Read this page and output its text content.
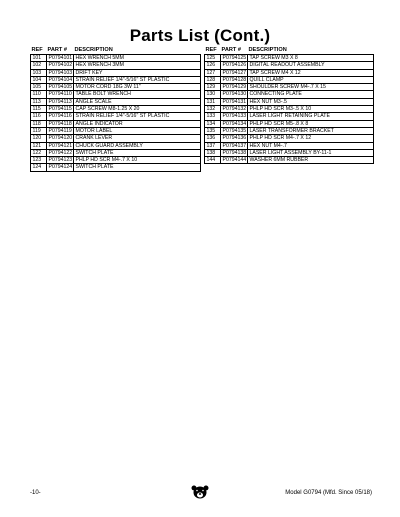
Parts List (Cont.)
REF	PART #	DESCRIPTION
101	P0794101	HEX WRENCH 5MM
102	P0794102	HEX WRENCH 3MM
103	P0794103	DRIFT KEY
104	P0794104	STRAIN RELIEF 1/4"-5/16" ST PLASTIC
105	P0794105	MOTOR CORD 18G 3W 11"
110	P0794110	TABLE BOLT WRENCH
113	P0794113	ANGLE SCALE
115	P0794115	CAP SCREW M8-1.25 X 20
116	P0794116	STRAIN RELIEF 1/4"-5/16" ST PLASTIC
118	P0794118	ANGLE INDICATOR
119	P0794119	MOTOR LABEL
120	P0794120	CRANK LEVER
121	P0794121	CHUCK GUARD ASSEMBLY
122	P0794122	SWITCH PLATE
123	P0794123	PHLP HD SCR M4-.7 X 10
124	P0794124	SWITCH PLATE
REF	PART #	DESCRIPTION
125	P0794125	TAP SCREW M3 X 8
126	P0794126	DIGITAL READOUT ASSEMBLY
127	P0794127	TAP SCREW M4 X 12
128	P0794128	QUILL CLAMP
129	P0794129	SHOULDER SCREW M4-.7 X 15
130	P0794130	CONNECTING PLATE
131	P0794131	HEX NUT M3-.5
132	P0794132	PHLP HD SCR M3-.5 X 10
133	P0794133	LASER LIGHT RETAINING PLATE
134	P0794134	PHLP HD SCR M5-.8 X 8
135	P0794135	LASER TRANSFORMER BRACKET
136	P0794136	PHLP HD SCR M4-.7 X 12
137	P0794137	HEX NUT M4-.7
138	P0794138	LASER LIGHT ASSEMBLY BY-11-1
144	P0794144	WASHER 6MM RUBBER
-10-	Model G0794 (Mfd. Since 05/18)
